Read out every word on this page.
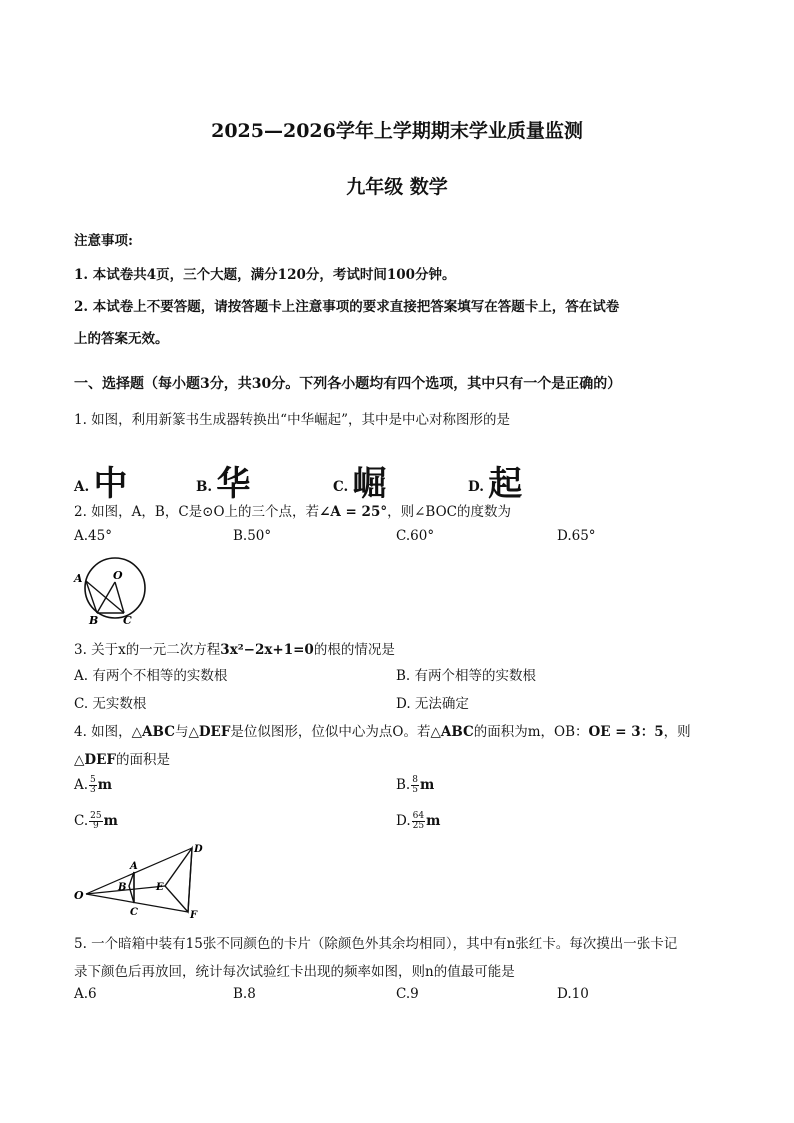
2025—2026学年上学期期末学业质量监测
九年级 数学
注意事项:
1. 本试卷共4页，三个大题，满分120分，考试时间100分钟。
2. 本试卷上不要答题，请按答题卡上注意事项的要求直接把答案填写在答题卡上，答在试卷
上的答案无效。
一、选择题（每小题3分，共30分。下列各小题均有四个选项，其中只有一个是正确的）
1. 如图，利用新篆书生成器转换出“中华崛起”，其中是中心对称图形的是
A. 中	B. 华	C. 崛	D. 起
2. 如图，A，B，C是⊙O上的三个点，若∠A = 25°，则∠BOC的度数为
A.45°	B.50°	C.60°	D.65°
A	O
B C
3. 关于x的一元二次方程3x²−2x+1=0的根的情况是
A. 有两个不相等的实数根	B. 有两个相等的实数根
C. 无实数根	D. 无法确定
4. 如图，△ABC与△DEF是位似图形，位似中心为点O。若△ABC的面积为m，OB：OE = 3：5，则
△DEF的面积是
A. $\frac{5}{3}$ m	B. $\frac{8}{5}$ m
C. $\frac{25}{9}$ m	D. $\frac{64}{25}$ m
O
A
B
C
D
E
F
5. 一个暗箱中装有15张不同颜色的卡片（除颜色外其余均相同），其中有n张红卡。每次摸出一张卡记
录下颜色后再放回，统计每次试验红卡出现的频率如图，则n的值最可能是
A.6	B.8	C.9	D.10
